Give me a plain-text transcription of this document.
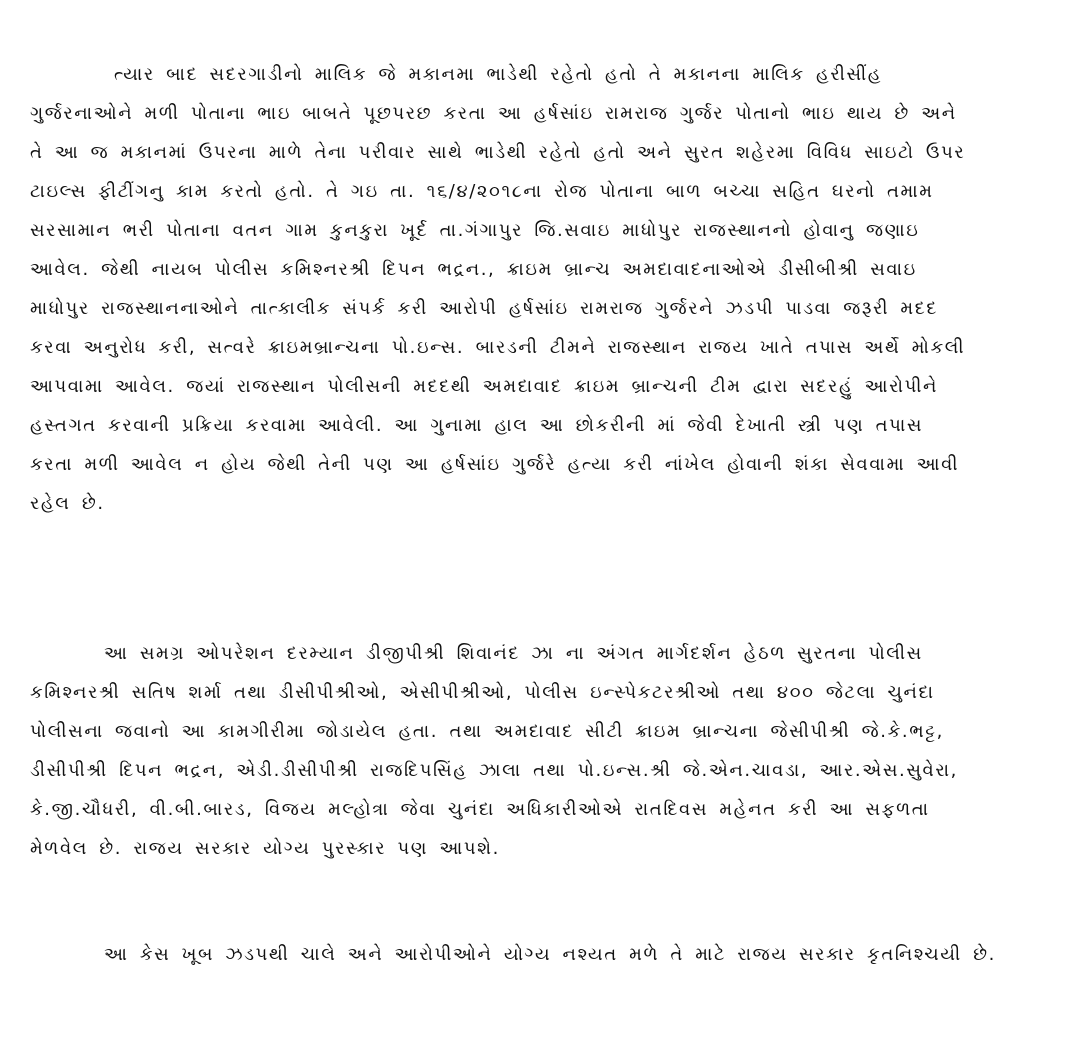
ત્યાર બાદ સદરગાડીનો માલિક જે મકાનમા ભાડેથી રહેતો હતો તે મકાનના માલિક હરીસીંહ
ગુર્જરનાઓને મળી પોતાના ભાઇ બાબતે પૂછપરછ કરતા આ હર્ષસાંઇ રામરાજ ગુર્જર પોતાનો ભાઇ થાય છે અને
તે આ જ મકાનમાં ઉપરના માળે તેના પરીવાર સાથે ભાડેથી રહેતો હતો અને સુરત શહેરમા વિવિધ સાઇટો ઉપર
ટાઇલ્સ ફીટીંગનુ કામ કરતો હતો. તે ગઇ તા. ૧૬/૪/૨૦૧૮ના રોજ પોતાના બાળ બચ્ચા સહિત ઘરનો તમામ
સરસામાન ભરી પોતાના વતન ગામ કુનકુરા ખૂર્દ તા.ગંગાપુર જિ.સવાઇ માધોપુર રાજસ્થાનનો હોવાનુ જણાઇ
આવેલ. જેથી નાયબ પોલીસ કમિશ્નરશ્રી દિપન ભદ્રન., ક્રાઇમ બ્રાન્ચ અમદાવાદનાઓએ ડીસીબીશ્રી સવાઇ
માધોપુર રાજસ્થાનનાઓને તાત્કાલીક સંપર્ક કરી આરોપી હર્ષસાંઇ રામરાજ ગુર્જરને ઝડપી પાડવા જરૂરી મદદ
કરવા અનુરોધ કરી, સત્વરે ક્રાઇમબ્રાન્ચના પો.ઇન્સ. બારડની ટીમને રાજસ્થાન રાજય ખાતે તપાસ અર્થે મોકલી
આપવામા આવેલ. જયાં રાજસ્થાન પોલીસની મદદથી અમદાવાદ ક્રાઇમ બ્રાન્ચની ટીમ દ્વારા સદરહું આરોપીને
હસ્તગત કરવાની પ્રક્રિયા કરવામા આવેલી. આ ગુનામા હાલ આ છોકરીની માં જેવી દેખાતી સ્ત્રી પણ તપાસ
કરતા મળી આવેલ ન હોય જેથી તેની પણ આ હર્ષસાંઇ ગુર્જરે હત્યા કરી નાંખેલ હોવાની શંકા સેવવામા આવી
રહેલ છે.
આ સમગ્ર ઓપરેશન દરમ્યાન ડીજીપીશ્રી શિવાનંદ ઝા ના અંગત માર્ગદર્શન હેઠળ સુરતના પોલીસ
કમિશ્નરશ્રી સતિષ શર્મા તથા ડીસીપીશ્રીઓ, એસીપીશ્રીઓ, પોલીસ ઇન્સ્પેકટરશ્રીઓ તથા ૪૦૦ જેટલા ચુનંદા
પોલીસના જવાનો આ કામગીરીમા જોડાયેલ હતા. તથા અમદાવાદ સીટી ક્રાઇમ બ્રાન્ચના જેસીપીશ્રી જે.કે.ભટ્ટ,
ડીસીપીશ્રી દિપન ભદ્રન, એડી.ડીસીપીશ્રી રાજદિપસિંહ ઝાલા તથા પો.ઇન્સ.શ્રી જે.એન.ચાવડા, આર.એસ.સુવેરા,
કે.જી.ચૌધરી, વી.બી.બારડ, વિજય મલ્હોત્રા જેવા ચુનંદા અધિકારીઓએ રાતદિવસ મહેનત કરી આ સફળતા
મેળવેલ છે. રાજય સરકાર યોગ્ય પુરસ્કાર પણ આપશે.
આ કેસ ખૂબ ઝડપથી ચાલે અને આરોપીઓને યોગ્ય નશ્યત મળે તે માટે રાજય સરકાર કૃતનિશ્ચયી છે.
